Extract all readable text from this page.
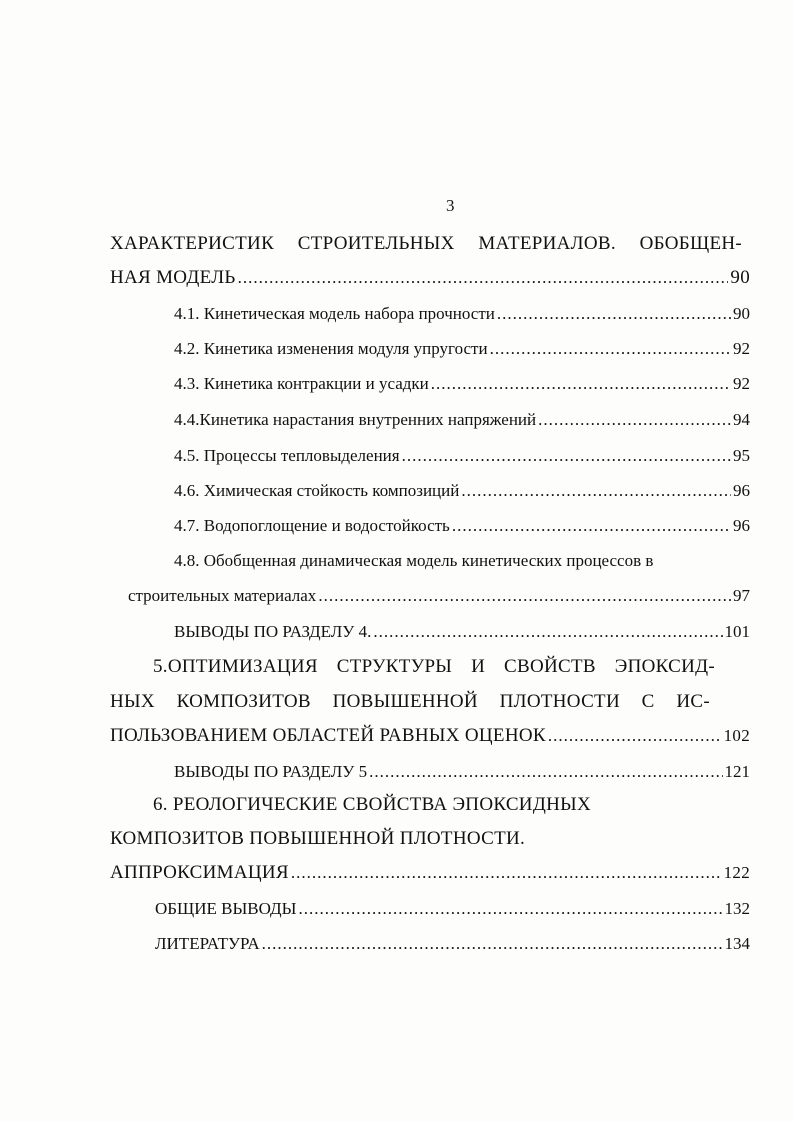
3
ХАРАКТЕРИСТИК СТРОИТЕЛЬНЫХ МАТЕРИАЛОВ. ОБОБЩЕН-
НАЯ МОДЕЛЬ .....	90
4.1. Кинетическая модель набора прочности .....	90
4.2. Кинетика изменения модуля упругости .....	92
4.3. Кинетика контракции и усадки .....	92
4.4.Кинетика нарастания внутренних напряжений .....	94
4.5. Процессы тепловыделения .....	95
4.6. Химическая стойкость композиций .....	96
4.7. Водопоглощение и водостойкость .....	96
4.8. Обобщенная динамическая модель кинетических процессов в
строительных материалах .....	97
ВЫВОДЫ ПО РАЗДЕЛУ 4. .....	101
5.ОПТИМИЗАЦИЯ СТРУКТУРЫ И СВОЙСТВ ЭПОКСИД-
НЫХ КОМПОЗИТОВ ПОВЫШЕННОЙ ПЛОТНОСТИ С ИС-
ПОЛЬЗОВАНИЕМ ОБЛАСТЕЙ РАВНЫХ ОЦЕНОК .....	102
ВЫВОДЫ ПО РАЗДЕЛУ 5 .....	121
6. РЕОЛОГИЧЕСКИЕ СВОЙСТВА ЭПОКСИДНЫХ
КОМПОЗИТОВ ПОВЫШЕННОЙ ПЛОТНОСТИ.
АППРОКСИМАЦИЯ .....	122
ОБЩИЕ ВЫВОДЫ .....	132
ЛИТЕРАТУРА .....	134
